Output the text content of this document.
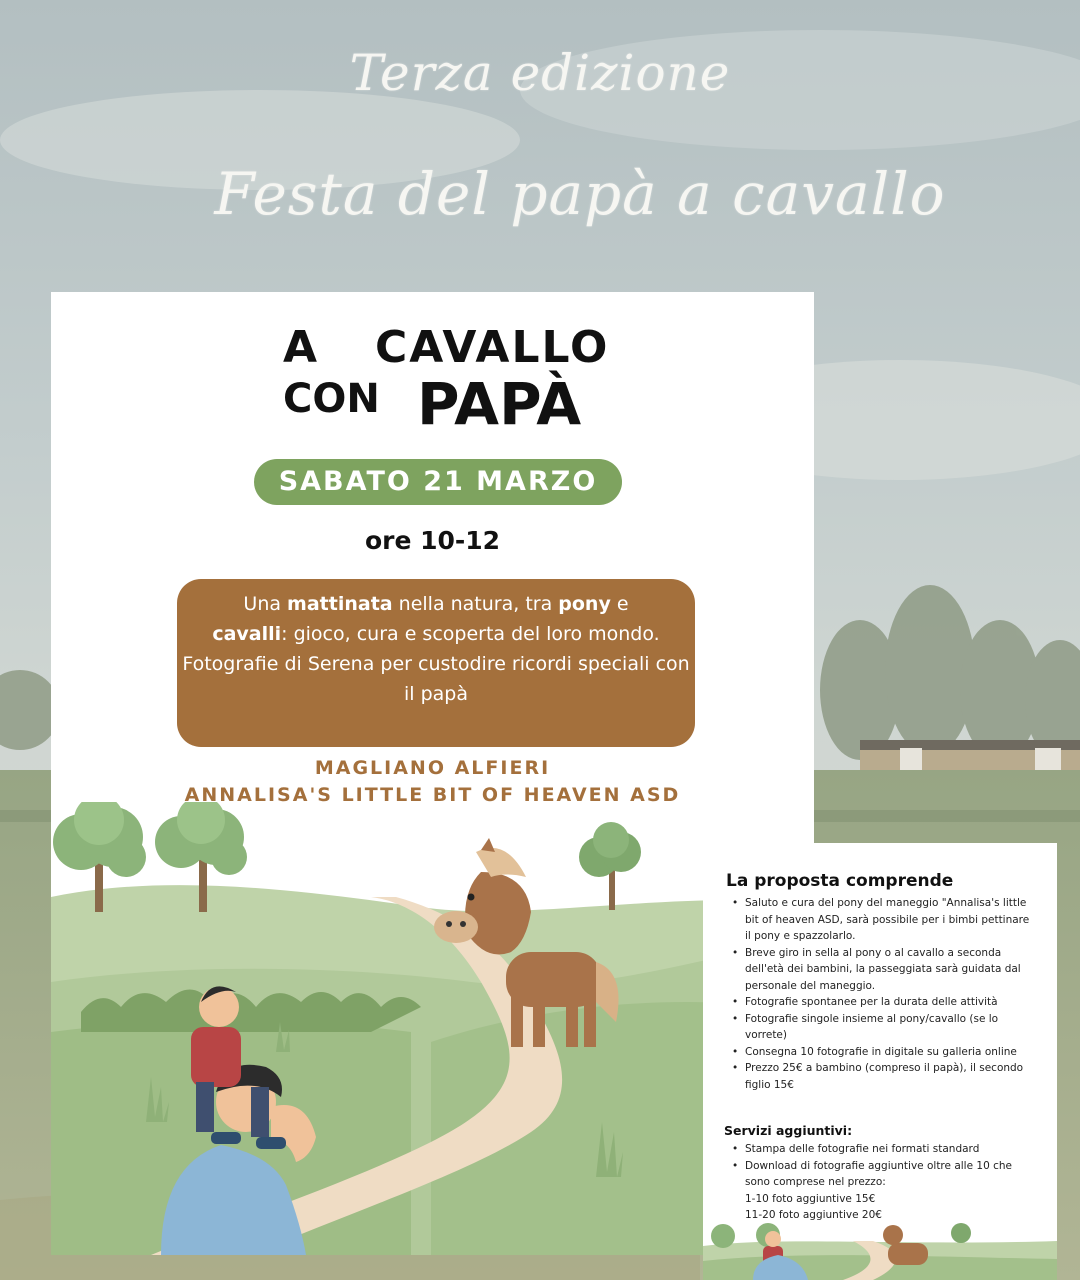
Terza edizione
Festa del papà a cavallo
A CAVALLO
CON PAPÀ
SABATO 21 MARZO
ore 10-12
Una mattinata nella natura, tra pony e
cavalli: gioco, cura e scoperta del loro mondo.
Fotografie di Serena per custodire ricordi speciali con il papà
MAGLIANO ALFIERI
ANNALISA'S LITTLE BIT OF HEAVEN ASD
La proposta comprende
• Saluto e cura del pony del maneggio "Annalisa's little bit of heaven ASD, sarà possibile per i bimbi pettinare il pony e spazzolarlo.
• Breve giro in sella al pony o al cavallo a seconda dell'età dei bambini, la passeggiata sarà guidata dal personale del maneggio.
• Fotografie spontanee per la durata delle attività
• Fotografie singole insieme al pony/cavallo (se lo vorrete)
• Consegna 10 fotografie in digitale su galleria online
• Prezzo 25€ a bambino (compreso il papà), il secondo figlio 15€
Servizi aggiuntivi:
• Stampa delle fotografie nei formati standard
• Download di fotografie aggiuntive oltre alle 10 che sono comprese nel prezzo:
1-10 foto aggiuntive 15€
11-20 foto aggiuntive 20€
